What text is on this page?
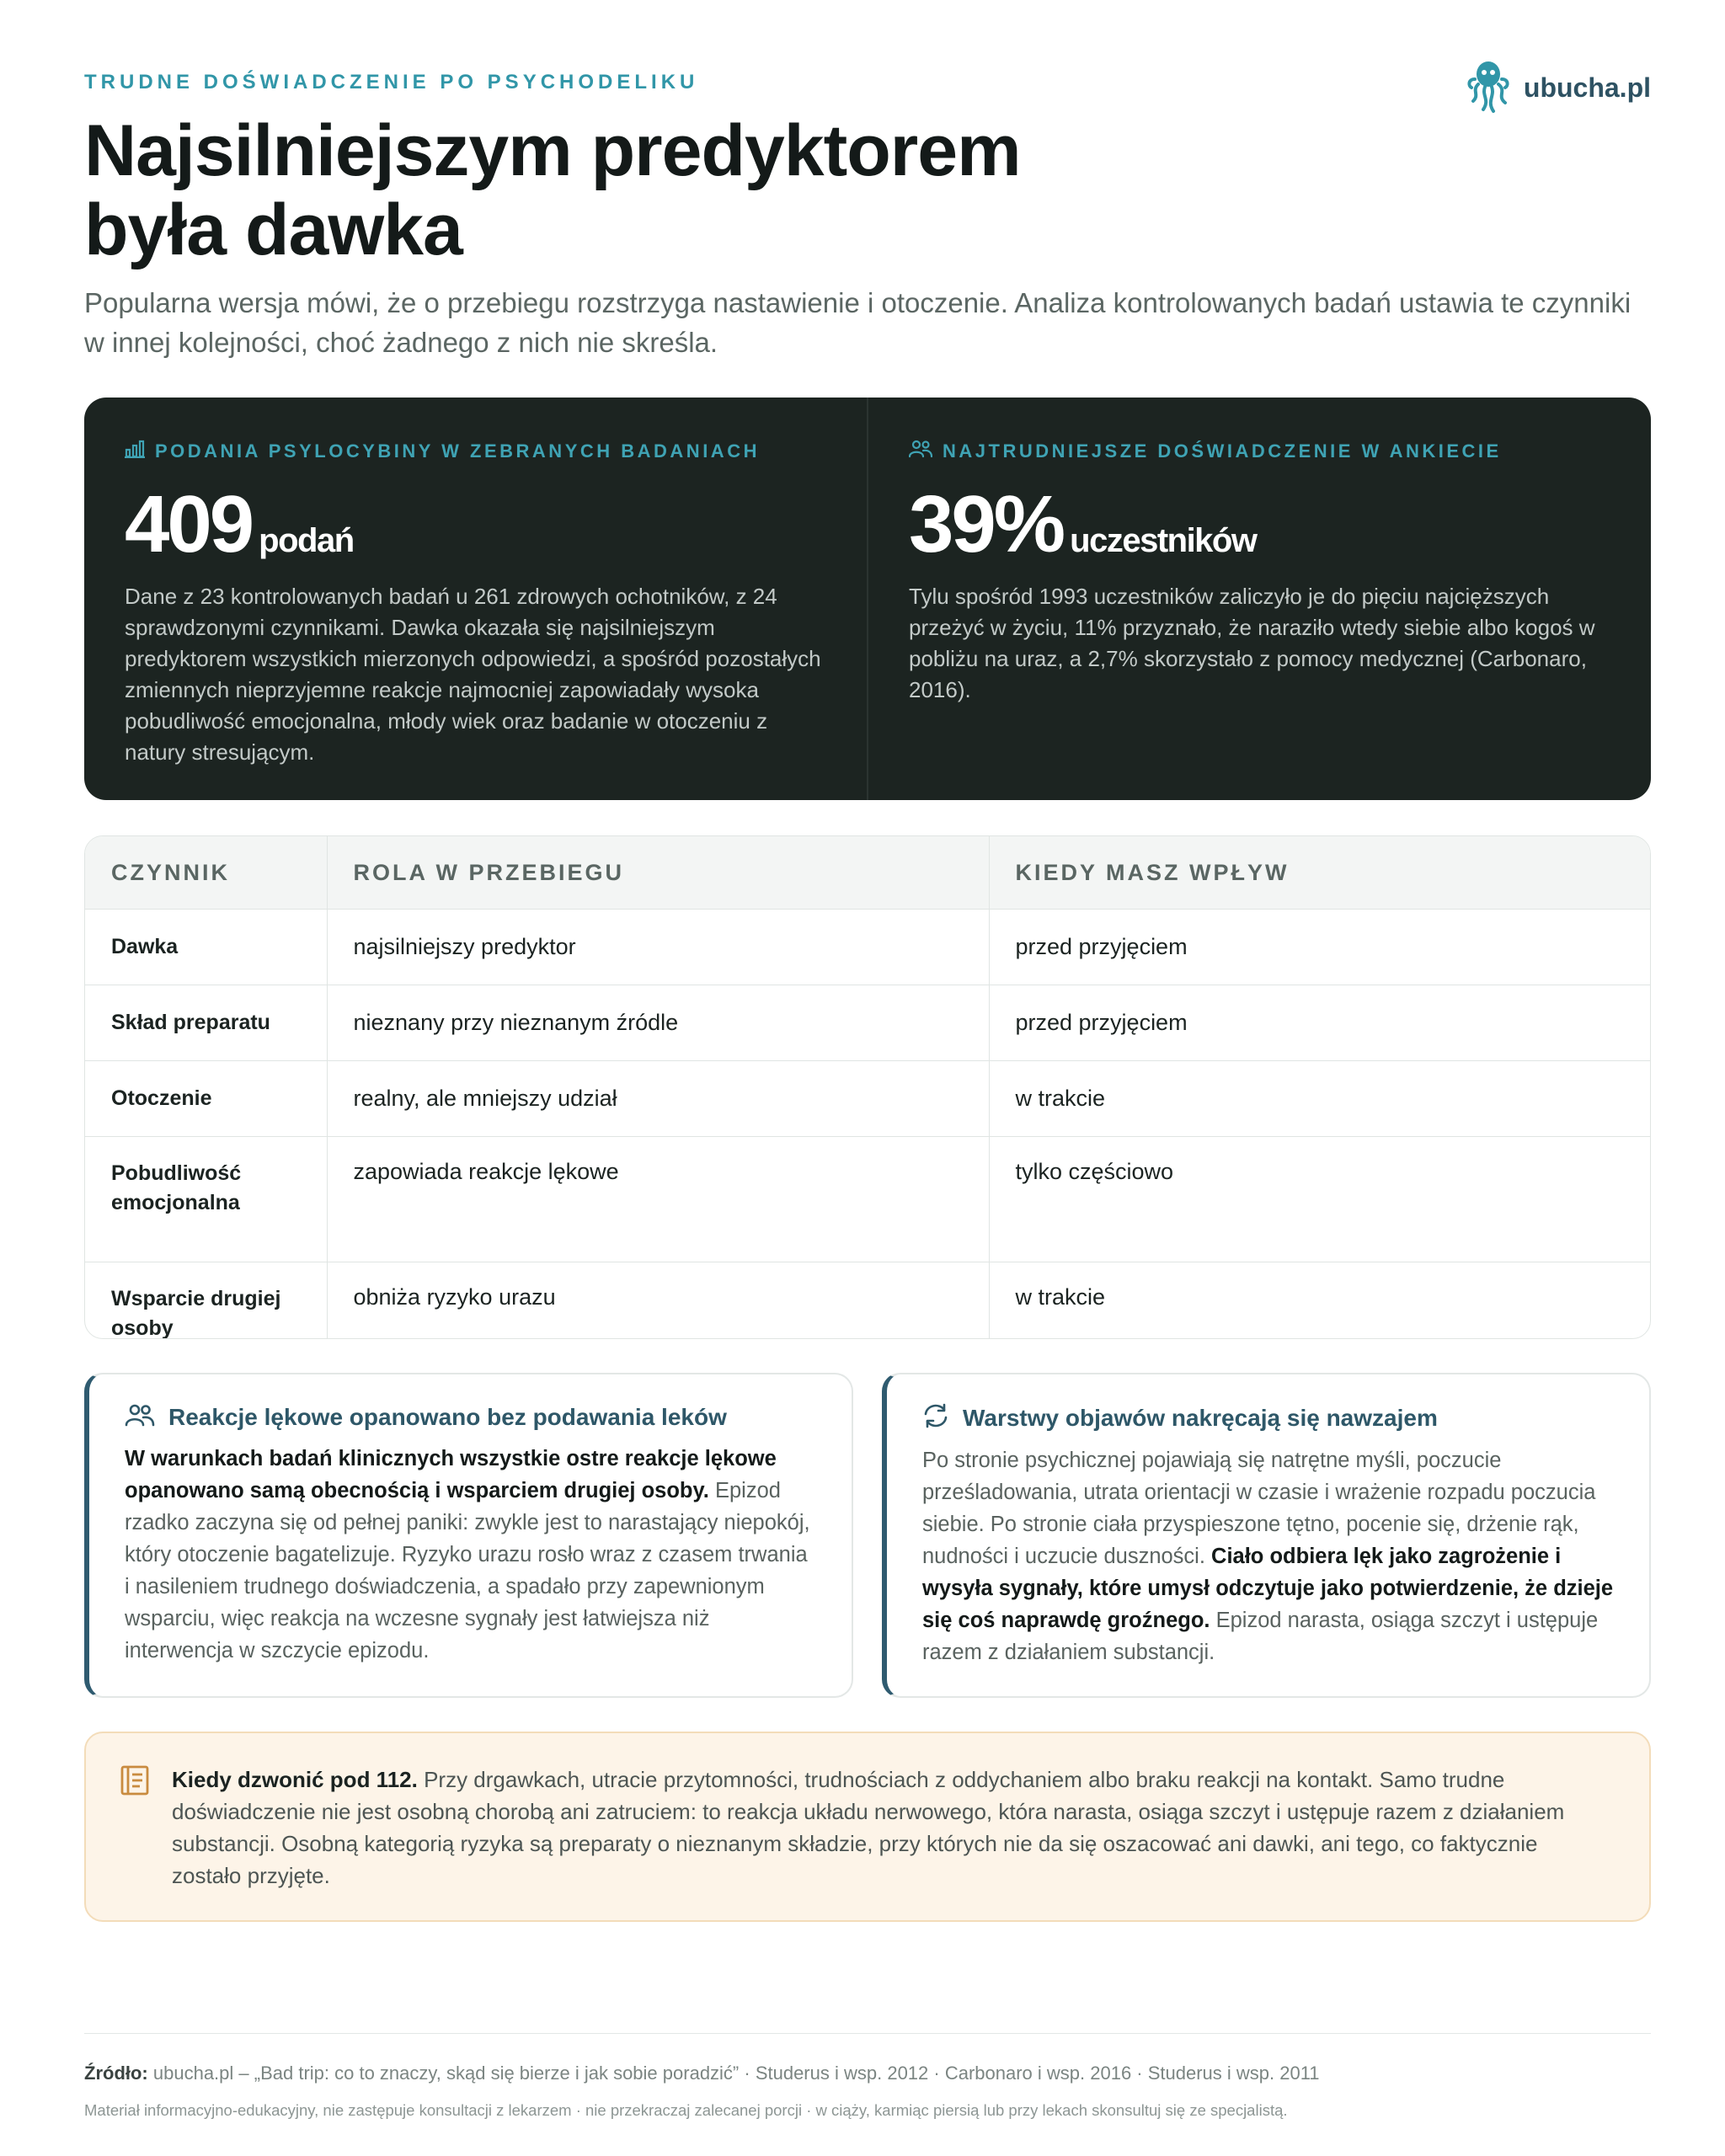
TRUDNE DOŚWIADCZENIE PO PSYCHODELIKU	ubucha.pl
Najsilniejszym predyktorem
była dawka

Popularna wersja mówi, że o przebiegu rozstrzyga nastawienie i otoczenie. Analiza kontrolowanych badań ustawia te czynniki w innej kolejności, choć żadnego z nich nie skreśla.

PODANIA PSYLOCYBINY W ZEBRANYCH BADANIACH
409 podań
Dane z 23 kontrolowanych badań u 261 zdrowych ochotników, z 24 sprawdzonymi czynnikami. Dawka okazała się najsilniejszym predyktorem wszystkich mierzonych odpowiedzi, a spośród pozostałych zmiennych nieprzyjemne reakcje najmocniej zapowiadały wysoka pobudliwość emocjonalna, młody wiek oraz badanie w otoczeniu z natury stresującym.
NAJTRUDNIEJSZE DOŚWIADCZENIE W ANKIECIE
39% uczestników
Tylu spośród 1993 uczestników zaliczyło je do pięciu najcięższych przeżyć w życiu, 11% przyznało, że naraziło wtedy siebie albo kogoś w pobliżu na uraz, a 2,7% skorzystało z pomocy medycznej (Carbonaro, 2016).
CZYNNIK	ROLA W PRZEBIEGU	KIEDY MASZ WPŁYW
Dawka	najsilniejszy predyktor	przed przyjęciem
Skład preparatu	nieznany przy nieznanym źródle	przed przyjęciem
Otoczenie	realny, ale mniejszy udział	w trakcie
Pobudliwość emocjonalna	zapowiada reakcje lękowe	tylko częściowo
Wsparcie drugiej osoby	obniża ryzyko urazu	w trakcie
Reakcje lękowe opanowano bez podawania leków
W warunkach badań klinicznych wszystkie ostre reakcje lękowe opanowano samą obecnością i wsparciem drugiej osoby. Epizod rzadko zaczyna się od pełnej paniki: zwykle jest to narastający niepokój, który otoczenie bagatelizuje. Ryzyko urazu rosło wraz z czasem trwania i nasileniem trudnego doświadczenia, a spadało przy zapewnionym wsparciu, więc reakcja na wczesne sygnały jest łatwiejsza niż interwencja w szczycie epizodu.
Warstwy objawów nakręcają się nawzajem
Po stronie psychicznej pojawiają się natrętne myśli, poczucie prześladowania, utrata orientacji w czasie i wrażenie rozpadu poczucia siebie. Po stronie ciała przyspieszone tętno, pocenie się, drżenie rąk, nudności i uczucie duszności. Ciało odbiera lęk jako zagrożenie i wysyła sygnały, które umysł odczytuje jako potwierdzenie, że dzieje się coś naprawdę groźnego. Epizod narasta, osiąga szczyt i ustępuje razem z działaniem substancji.
Kiedy dzwonić pod 112. Przy drgawkach, utracie przytomności, trudnościach z oddychaniem albo braku reakcji na kontakt. Samo trudne doświadczenie nie jest osobną chorobą ani zatruciem: to reakcja układu nerwowego, która narasta, osiąga szczyt i ustępuje razem z działaniem substancji. Osobną kategorią ryzyka są preparaty o nieznanym składzie, przy których nie da się oszacować ani dawki, ani tego, co faktycznie zostało przyjęte.
Źródło: ubucha.pl – „Bad trip: co to znaczy, skąd się bierze i jak sobie poradzić” · Studerus i wsp. 2012 · Carbonaro i wsp. 2016 · Studerus i wsp. 2011
Materiał informacyjno-edukacyjny, nie zastępuje konsultacji z lekarzem · nie przekraczaj zalecanej porcji · w ciąży, karmiąc piersią lub przy lekach skonsultuj się ze specjalistą.
